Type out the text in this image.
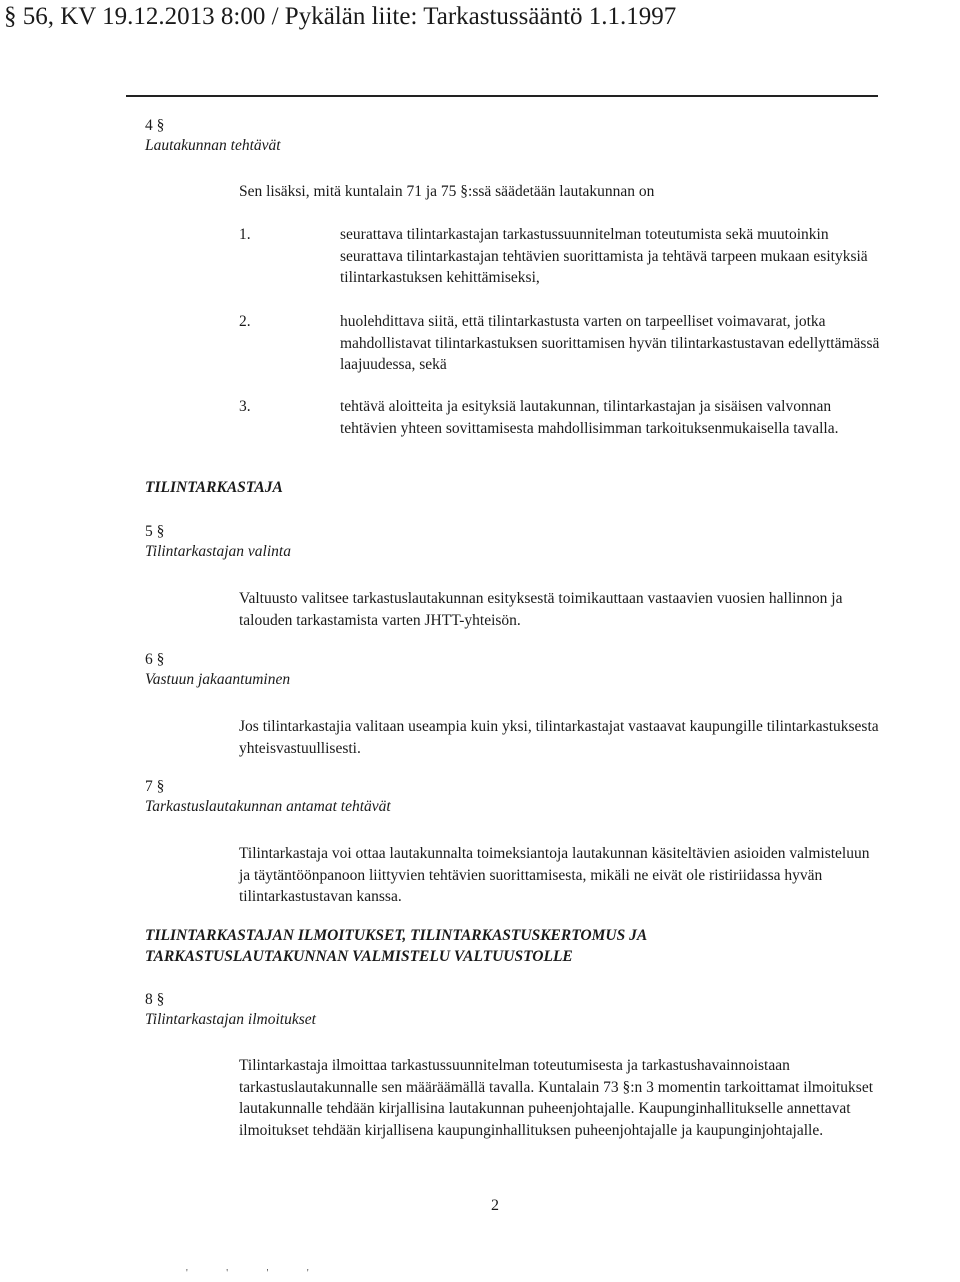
§ 56, KV 19.12.2013 8:00 / Pykälän liite: Tarkastussääntö 1.1.1997
4 §
Lautakunnan tehtävät
Sen lisäksi, mitä kuntalain 71 ja 75 §:ssä säädetään lautakunnan on
1.	seurattava tilintarkastajan tarkastussuunnitelman toteutumista sekä muutoinkin seurattava tilintarkastajan tehtävien suorittamista ja tehtävä tarpeen mukaan esityksiä tilintarkastuksen kehittämiseksi,
2.	huolehdittava siitä, että tilintarkastusta varten on tarpeelliset voimavarat, jotka mahdollistavat tilintarkastuksen suorittamisen hyvän tilintarkastustavan edellyttämässä laajuudessa, sekä
3.	tehtävä aloitteita ja esityksiä lautakunnan, tilintarkastajan ja sisäisen valvonnan tehtävien yhteen sovittamisesta mahdollisimman tarkoituksenmukaisella tavalla.
TILINTARKASTAJA
5 §
Tilintarkastajan valinta
Valtuusto valitsee tarkastuslautakunnan esityksestä toimikauttaan vastaavien vuosien hallinnon ja talouden tarkastamista varten JHTT-yhteisön.
6 §
Vastuun jakaantuminen
Jos tilintarkastajia valitaan useampia kuin yksi, tilintarkastajat vastaavat kaupungille tilintarkastuksesta yhteisvastuullisesti.
7 §
Tarkastuslautakunnan antamat tehtävät
Tilintarkastaja voi ottaa lautakunnalta toimeksiantoja lautakunnan käsiteltävien asioiden valmisteluun ja täytäntöönpanoon liittyvien tehtävien suorittamisesta, mikäli ne eivät ole ristiriidassa hyvän tilintarkastustavan kanssa.
TILINTARKASTAJAN ILMOITUKSET, TILINTARKASTUSKERTOMUS JA
TARKASTUSLAUTAKUNNAN VALMISTELU VALTUUSTOLLE
8 §
Tilintarkastajan ilmoitukset
Tilintarkastaja ilmoittaa tarkastussuunnitelman toteutumisesta ja tarkastushavainnoistaan tarkastuslautakunnalle sen määräämällä tavalla. Kuntalain 73 §:n 3 momentin tarkoittamat ilmoitukset lautakunnalle tehdään kirjallisina lautakunnan puheenjohtajalle. Kaupunginhallitukselle annettavat ilmoitukset tehdään kirjallisena kaupunginhallituksen puheenjohtajalle ja kaupunginjohtajalle.
2
' ' ' '
